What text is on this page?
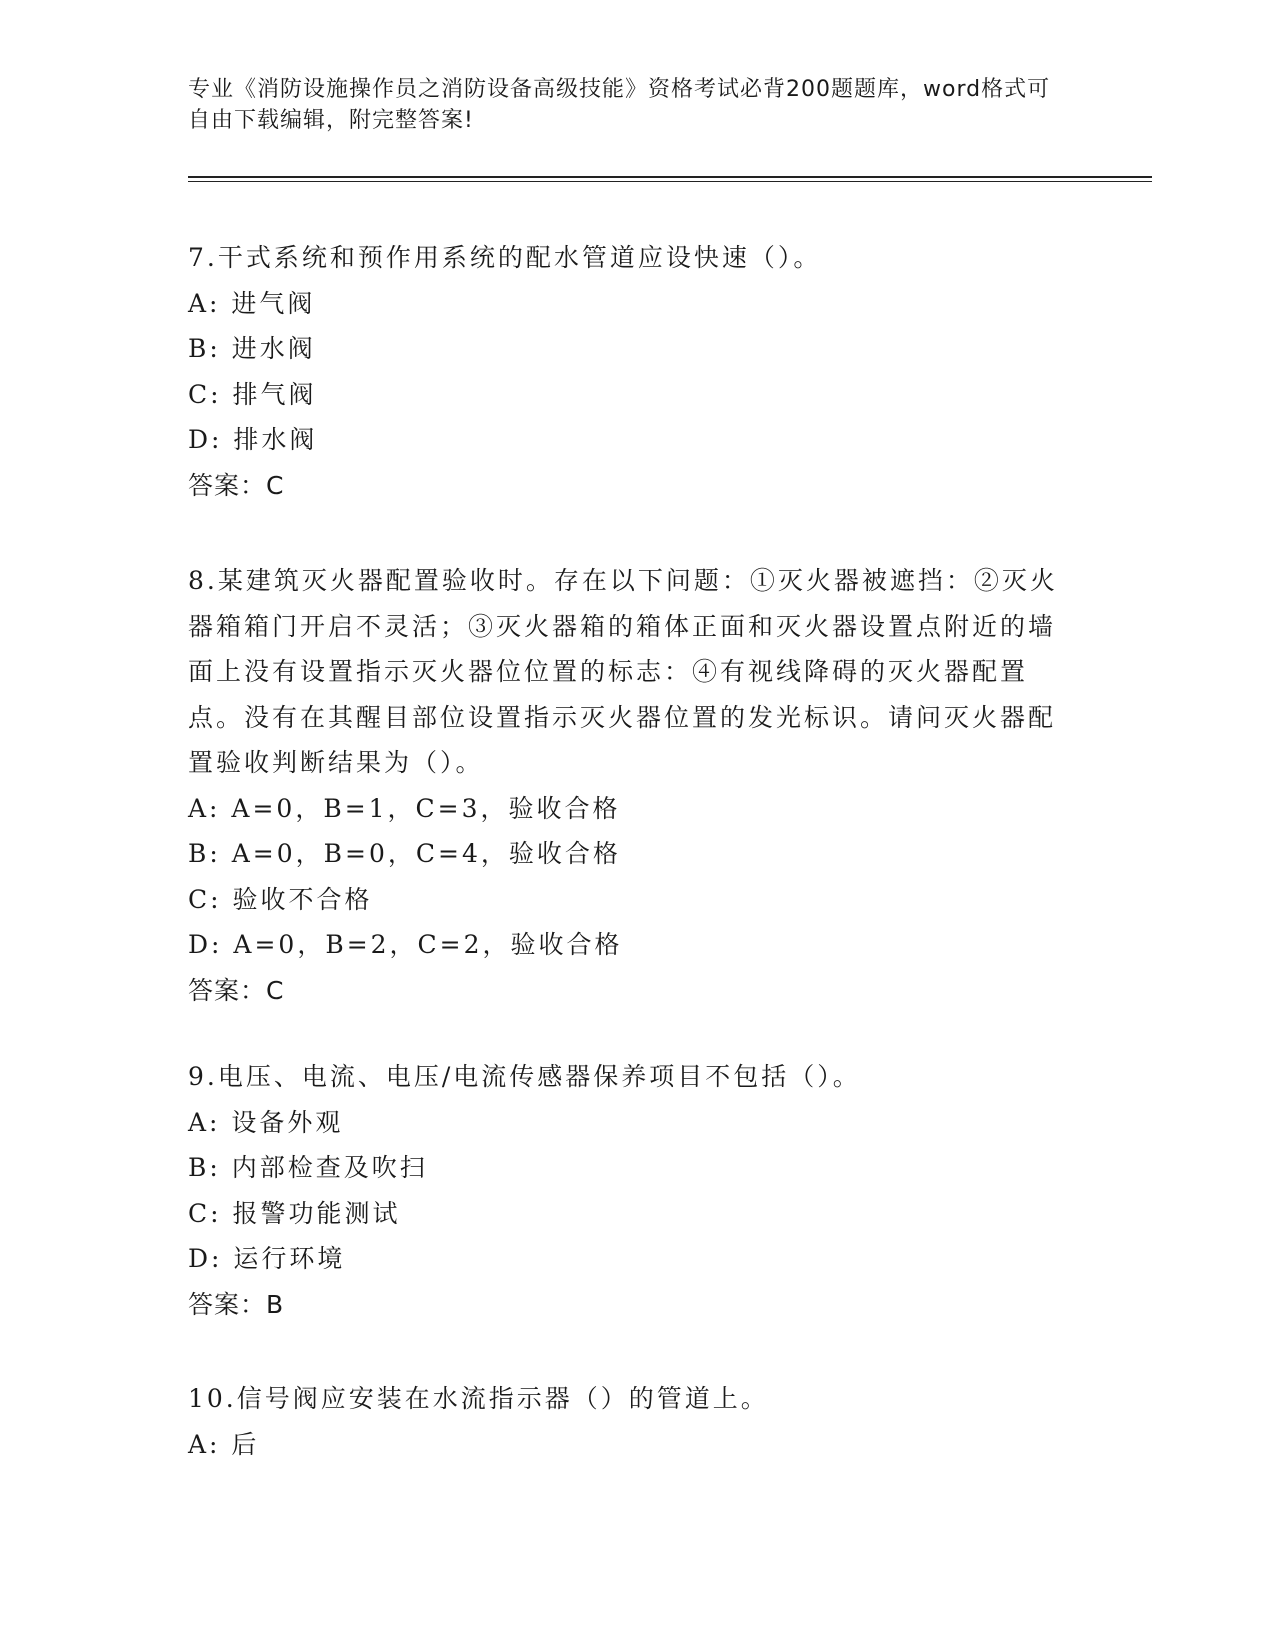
专业《消防设施操作员之消防设备高级技能》资格考试必背200题题库，word格式可自由下载编辑，附完整答案!
7.干式系统和预作用系统的配水管道应设快速（）。
A: 进气阀
B: 进水阀
C: 排气阀
D: 排水阀
答案：C
8.某建筑灭火器配置验收时。存在以下问题：①灭火器被遮挡：②灭火器箱箱门开启不灵活；③灭火器箱的箱体正面和灭火器设置点附近的墙面上没有设置指示灭火器位位置的标志：④有视线降碍的灭火器配置点。没有在其醒目部位设置指示灭火器位置的发光标识。请问灭火器配置验收判断结果为（）。
A: A=0，B=1，C=3，验收合格
B: A=0，B=0，C=4，验收合格
C: 验收不合格
D: A=0，B=2，C=2，验收合格
答案：C
9.电压、电流、电压/电流传感器保养项目不包括（）。
A: 设备外观
B: 内部检查及吹扫
C: 报警功能测试
D: 运行环境
答案：B
10.信号阀应安装在水流指示器（）的管道上。
A: 后
